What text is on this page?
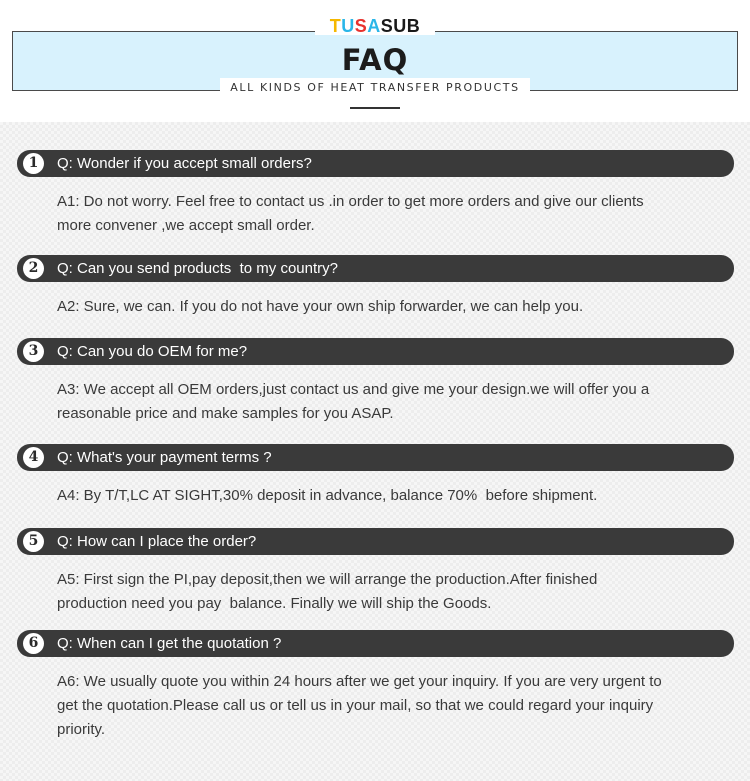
TUSASUB
FAQ
ALL KINDS OF HEAT TRANSFER PRODUCTS
1	Q: Wonder if you accept small orders?
A1: Do not worry. Feel free to contact us .in order to get more orders and give our clients
more convener ,we accept small order.
2	Q: Can you send products  to my country?
A2: Sure, we can. If you do not have your own ship forwarder, we can help you.
3	Q: Can you do OEM for me?
A3: We accept all OEM orders,just contact us and give me your design.we will offer you a
reasonable price and make samples for you ASAP.
4	Q: What's your payment terms ?
A4: By T/T,LC AT SIGHT,30% deposit in advance, balance 70%  before shipment.
5	Q: How can I place the order?
A5: First sign the PI,pay deposit,then we will arrange the production.After finished
production need you pay  balance. Finally we will ship the Goods.
6	Q: When can I get the quotation ?
A6: We usually quote you within 24 hours after we get your inquiry. If you are very urgent to
get the quotation.Please call us or tell us in your mail, so that we could regard your inquiry
priority.
